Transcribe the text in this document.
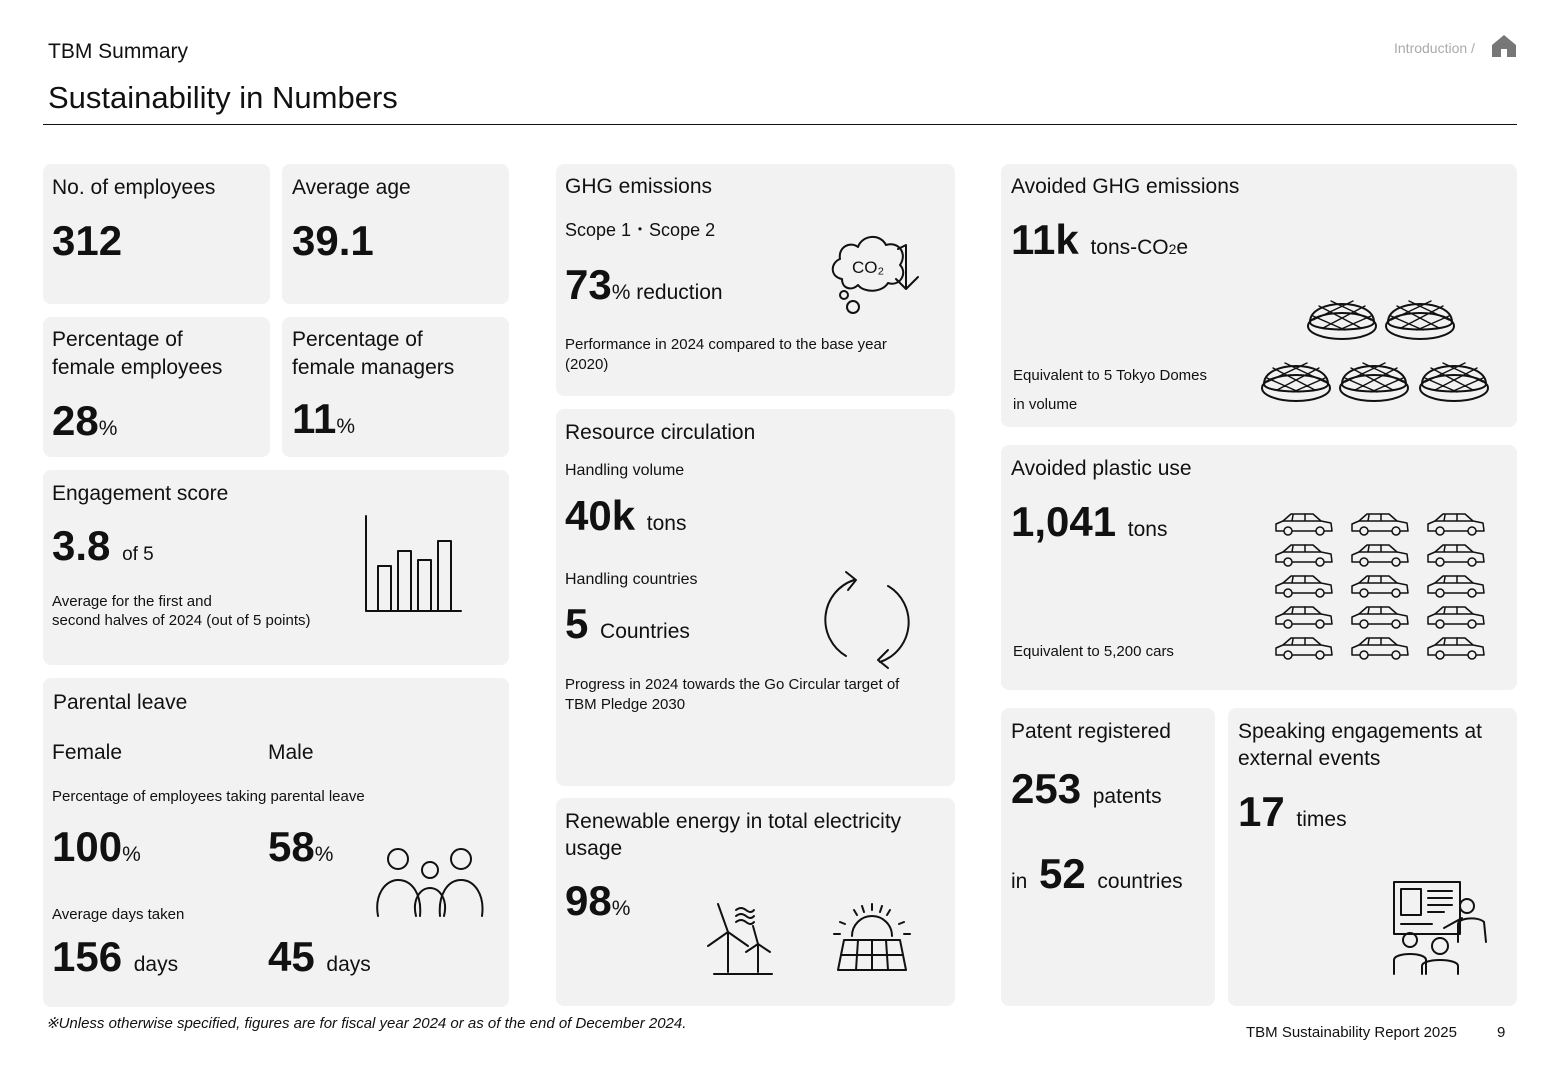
TBM Summary
Sustainability in Numbers
Introduction /
No. of employees
312
Average age
39.1
Percentage of
female employees
28%
Percentage of
female managers
11%
Engagement score
3.8 of 5
Average for the first and
second halves of 2024 (out of 5 points)
Parental leave
Female	Male
Percentage of employees taking parental leave
100%	58%
Average days taken
156 days 45 days
GHG emissions
Scope 1・Scope 2
73% reduction
Performance in 2024 compared to the base year
(2020)
CO₂
Resource circulation
Handling volume
40k tons
Handling countries
5 Countries
Progress in 2024 towards the Go Circular target of
TBM Pledge 2030
Renewable energy in total electricity
usage
98%
Avoided GHG emissions
11k tons-CO2e
Equivalent to 5 Tokyo Domes
in volume
Avoided plastic use
1,041 tons
Equivalent to 5,200 cars
Patent registered
253 patents
in 52 countries
Speaking engagements at
external events
17 times
※Unless otherwise specified, figures are for fiscal year 2024 or as of the end of December 2024.
TBM Sustainability Report 2025	9
